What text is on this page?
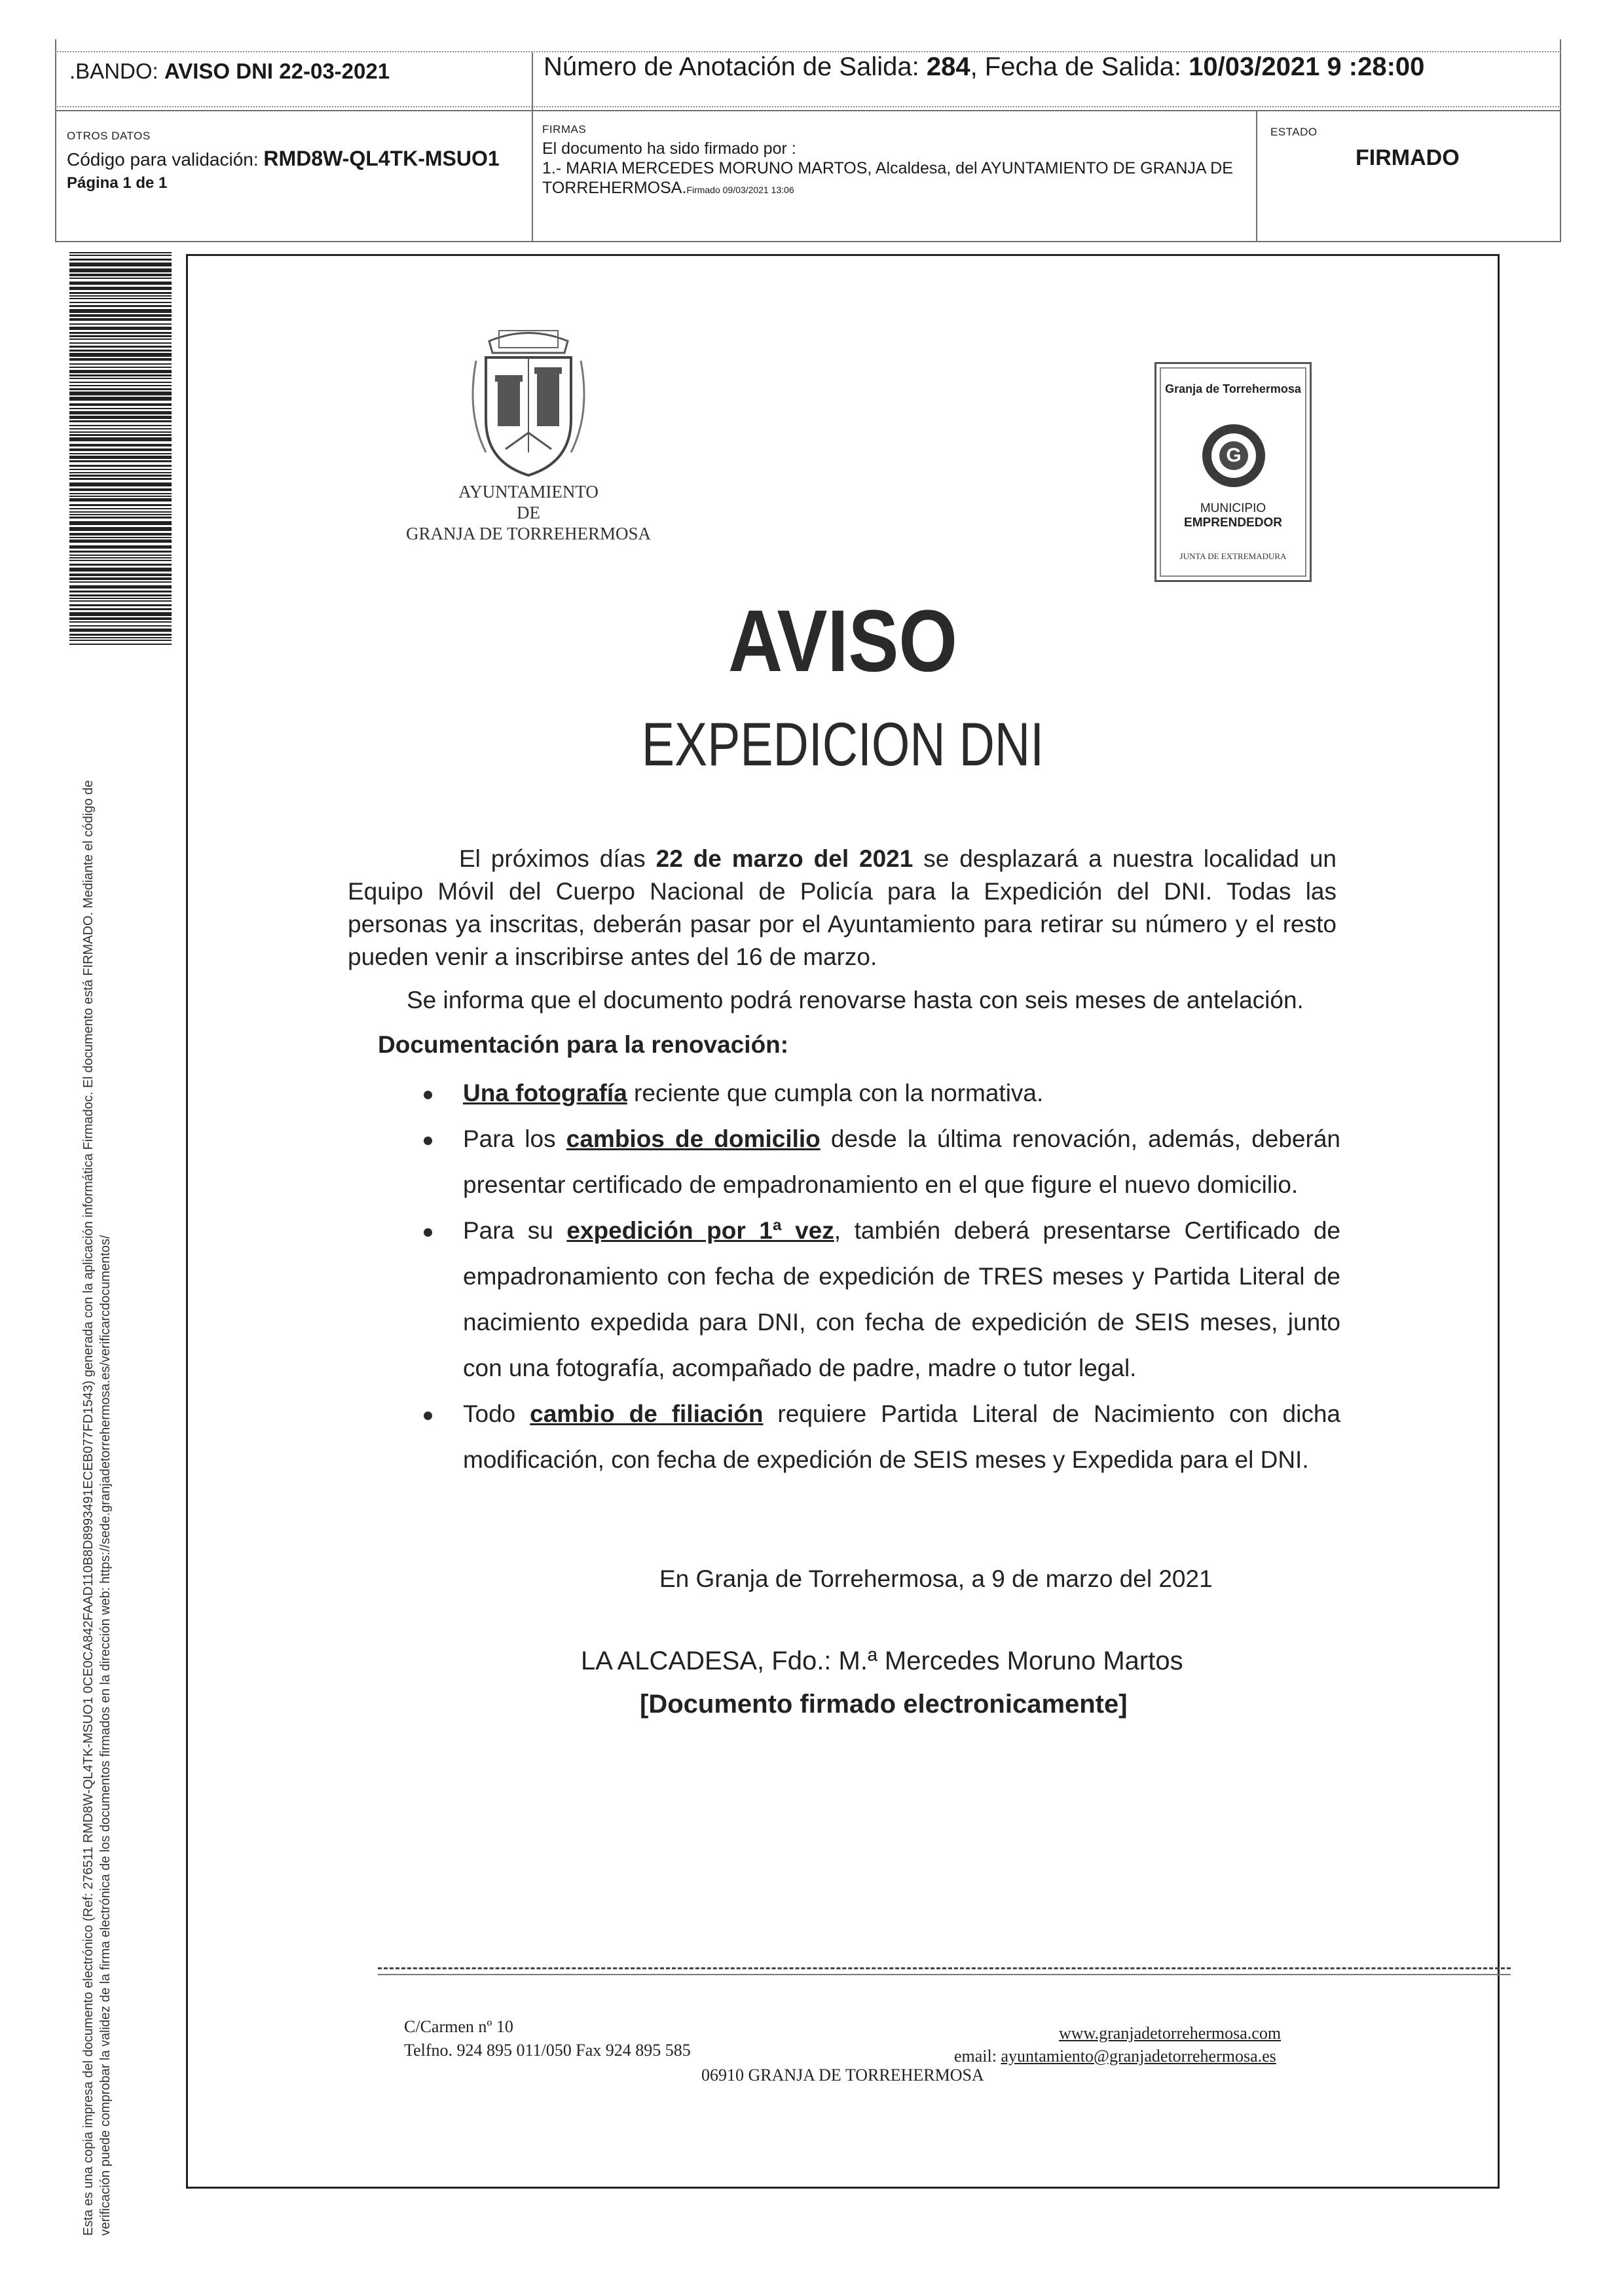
.BANDO: AVISO DNI 22-03-2021	Número de Anotación de Salida: 284, Fecha de Salida: 10/03/2021 9 :28:00
OTROS DATOS
Código para validación: RMD8W-QL4TK-MSUO1
Página 1 de 1
FIRMAS
El documento ha sido firmado por :
1.- MARIA MERCEDES MORUNO MARTOS, Alcaldesa, del AYUNTAMIENTO DE GRANJA DE TORREHERMOSA.Firmado 09/03/2021 13:06
ESTADO
FIRMADO
Esta es una copia impresa del documento electrónico (Ref: 276511 RMD8W-QL4TK-MSUO1 0CE0CA842FAAD110B8D8993491ECEB077FD1543) generada con la aplicación informática Firmadoc. El documento está FIRMADO. Mediante el código de verificación puede comprobar la validez de la firma electrónica de los documentos firmados en la dirección web: https://sede.granjadetorrehermosa.es/verificarcdocumentos/
AYUNTAMIENTO
DE
GRANJA DE TORREHERMOSA
Granja de Torrehermosa
G
MUNICIPIO
EMPRENDEDOR
JUNTA DE EXTREMADURA
AVISO
EXPEDICION DNI
El próximos días 22 de marzo del 2021 se desplazará a nuestra localidad un Equipo Móvil del Cuerpo Nacional de Policía para la Expedición del DNI. Todas las personas ya inscritas, deberán pasar por el Ayuntamiento para retirar su número y el resto pueden venir a inscribirse antes del 16 de marzo.
Se informa que el documento podrá renovarse hasta con seis meses de antelación.
Documentación para la renovación:
Una fotografía reciente que cumpla con la normativa.
Para los cambios de domicilio desde la última renovación, además, deberán presentar certificado de empadronamiento en el que figure el nuevo domicilio.
Para su expedición por 1ª vez, también deberá presentarse Certificado de empadronamiento con fecha de expedición de TRES meses y Partida Literal de nacimiento expedida para DNI, con fecha de expedición de SEIS meses, junto con una fotografía, acompañado de padre, madre o tutor legal.
Todo cambio de filiación requiere Partida Literal de Nacimiento con dicha modificación, con fecha de expedición de SEIS meses y Expedida para el DNI.
En Granja de Torrehermosa, a 9 de marzo del 2021
LA ALCADESA, Fdo.: M.ª Mercedes Moruno Martos
[Documento firmado electronicamente]
C/Carmen nº 10
Telfno. 924 895 011/050 Fax 924 895 585
www.granjadetorrehermosa.com
email: ayuntamiento@granjadetorrehermosa.es
06910 GRANJA DE TORREHERMOSA
